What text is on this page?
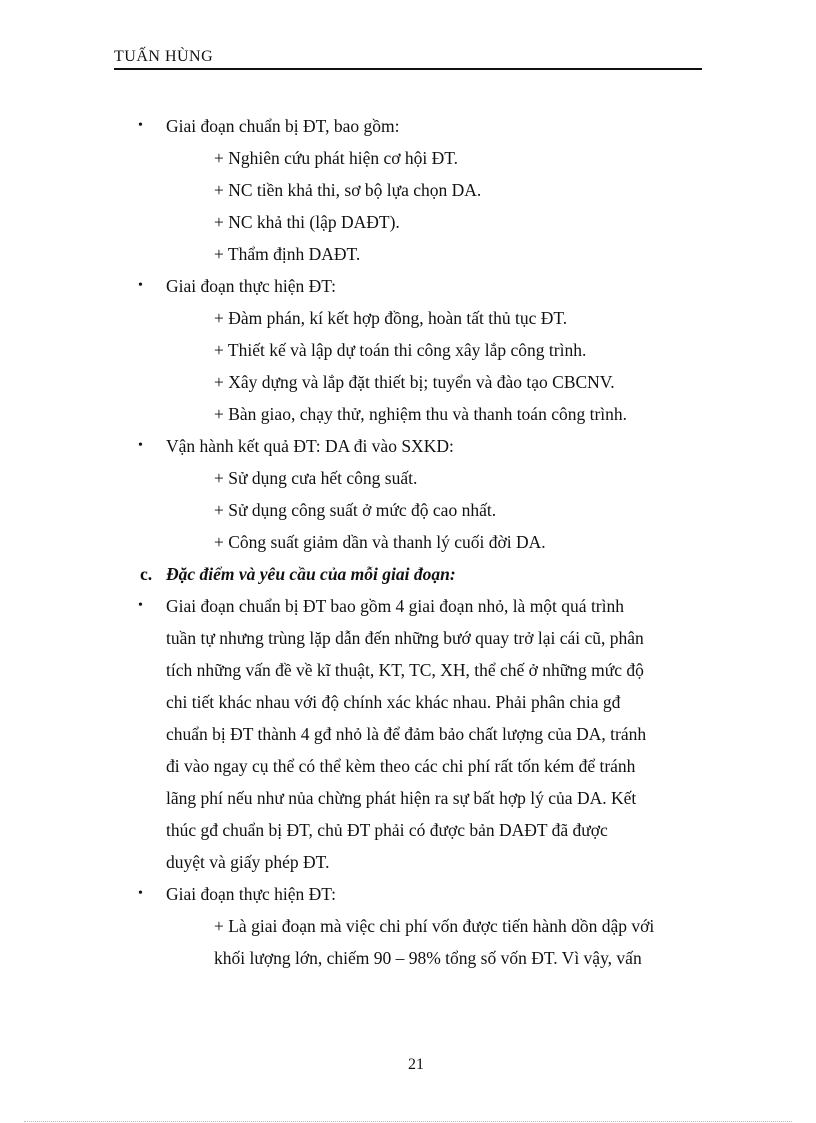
TUẤN HÙNG
• Giai đoạn chuẩn bị ĐT, bao gồm:
+ Nghiên cứu phát hiện cơ hội ĐT.
+ NC tiền khả thi, sơ bộ lựa chọn DA.
+ NC khả thi (lập DAĐT).
+ Thẩm định DAĐT.
• Giai đoạn thực hiện ĐT:
+ Đàm phán, kí kết hợp đồng, hoàn tất thủ tục ĐT.
+ Thiết kế và lập dự toán thi công xây lắp công trình.
+ Xây dựng và lắp đặt thiết bị; tuyển và đào tạo CBCNV.
+ Bàn giao, chạy thử, nghiệm thu và thanh toán công trình.
• Vận hành kết quả ĐT: DA đi vào SXKD:
+ Sử dụng cưa hết công suất.
+ Sử dụng công suất ở mức độ cao nhất.
+ Công suất giảm dần và thanh lý cuối đời DA.
c. Đặc điểm và yêu cầu của mỗi giai đoạn:
• Giai đoạn chuẩn bị ĐT bao gồm 4 giai đoạn nhỏ, là một quá trình
tuần tự nhưng trùng lặp dẫn đến những bướ quay trở lại cái cũ, phân
tích những vấn đề về kĩ thuật, KT, TC, XH, thể chế ở những mức độ
chi tiết khác nhau với độ chính xác khác nhau. Phải phân chia gđ
chuẩn bị ĐT thành 4 gđ nhỏ là để đảm bảo chất lượng của DA, tránh
đi vào ngay cụ thể có thể kèm theo các chi phí rất tốn kém để tránh
lãng phí nếu như nủa chừng phát hiện ra sự bất hợp lý của DA. Kết
thúc gđ chuẩn bị ĐT, chủ ĐT phải có được bản DAĐT đã được
duyệt và giấy phép ĐT.
• Giai đoạn thực hiện ĐT:
+ Là giai đoạn mà việc chi phí vốn được tiến hành dồn dập với
khối lượng lớn, chiếm 90 – 98% tổng số vốn ĐT. Vì vậy, vấn
21
